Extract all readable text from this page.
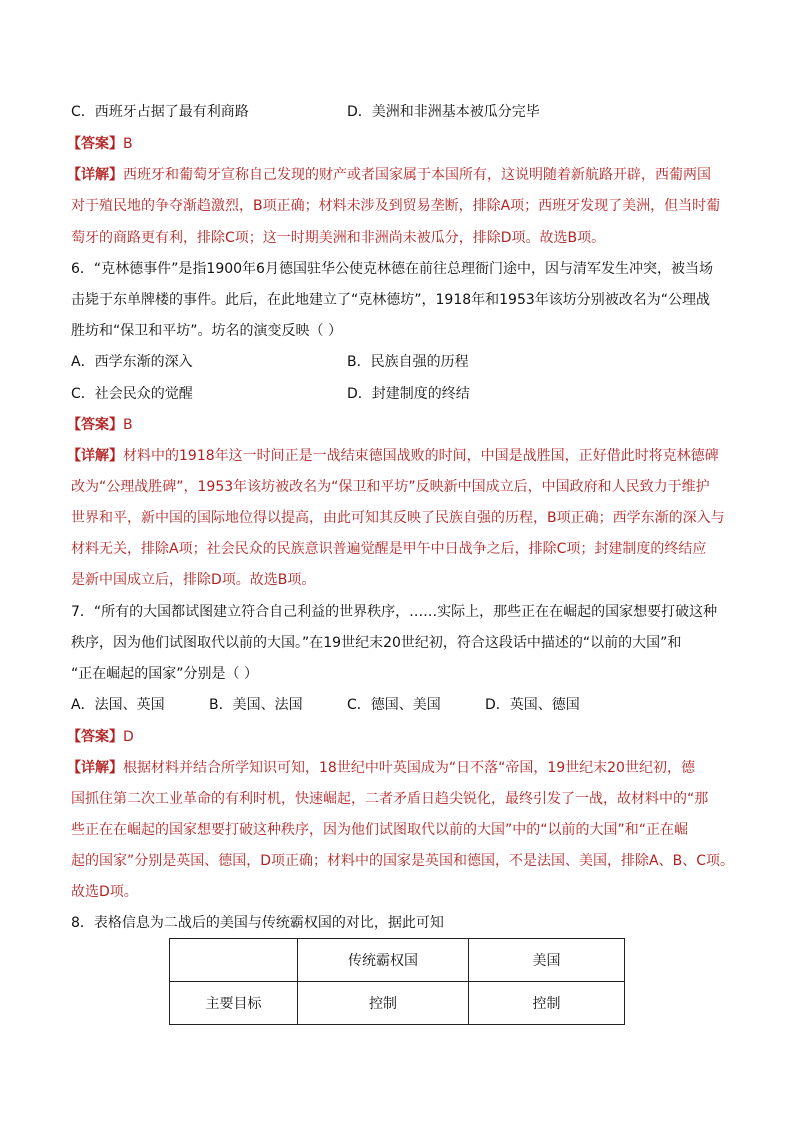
C．西班牙占据了最有利商路	D．美洲和非洲基本被瓜分完毕
【答案】B
【详解】西班牙和葡萄牙宣称自己发现的财产或者国家属于本国所有，这说明随着新航路开辟，西葡两国
对于殖民地的争夺渐趋激烈，B项正确；材料未涉及到贸易垄断，排除A项；西班牙发现了美洲，但当时葡
萄牙的商路更有利，排除C项；这一时期美洲和非洲尚未被瓜分，排除D项。故选B项。
6．“克林德事件”是指1900年6月德国驻华公使克林德在前往总理衙门途中，因与清军发生冲突，被当场
击毙于东单牌楼的事件。此后，在此地建立了“克林德坊”，1918年和1953年该坊分别被改名为“公理战
胜坊和“保卫和平坊”。坊名的演变反映（ ）
A．西学东渐的深入	B．民族自强的历程
C．社会民众的觉醒	D．封建制度的终结
【答案】B
【详解】材料中的1918年这一时间正是一战结束德国战败的时间，中国是战胜国，正好借此时将克林德碑
改为“公理战胜碑”，1953年该坊被改名为“保卫和平坊”反映新中国成立后，中国政府和人民致力于维护
世界和平，新中国的国际地位得以提高，由此可知其反映了民族自强的历程，B项正确；西学东渐的深入与
材料无关，排除A项；社会民众的民族意识普遍觉醒是甲午中日战争之后，排除C项；封建制度的终结应
是新中国成立后，排除D项。故选B项。
7．“所有的大国都试图建立符合自己利益的世界秩序，……实际上，那些正在在崛起的国家想要打破这种
秩序，因为他们试图取代以前的大国。”在19世纪末20世纪初，符合这段话中描述的“以前的大国”和
“正在崛起的国家”分别是（ ）
A．法国、英国	B．美国、法国	C．德国、美国	D．英国、德国
【答案】D
【详解】根据材料并结合所学知识可知，18世纪中叶英国成为“日不落“帝国，19世纪末20世纪初，德
国抓住第二次工业革命的有利时机，快速崛起，二者矛盾日趋尖锐化，最终引发了一战，故材料中的“那
些正在在崛起的国家想要打破这种秩序，因为他们试图取代以前的大国”中的“以前的大国”和“正在崛
起的国家”分别是英国、德国，D项正确；材料中的国家是英国和德国，不是法国、美国，排除A、B、C项。
故选D项。
8．表格信息为二战后的美国与传统霸权国的对比，据此可知
	传统霸权国	美国
主要目标	控制	控制
